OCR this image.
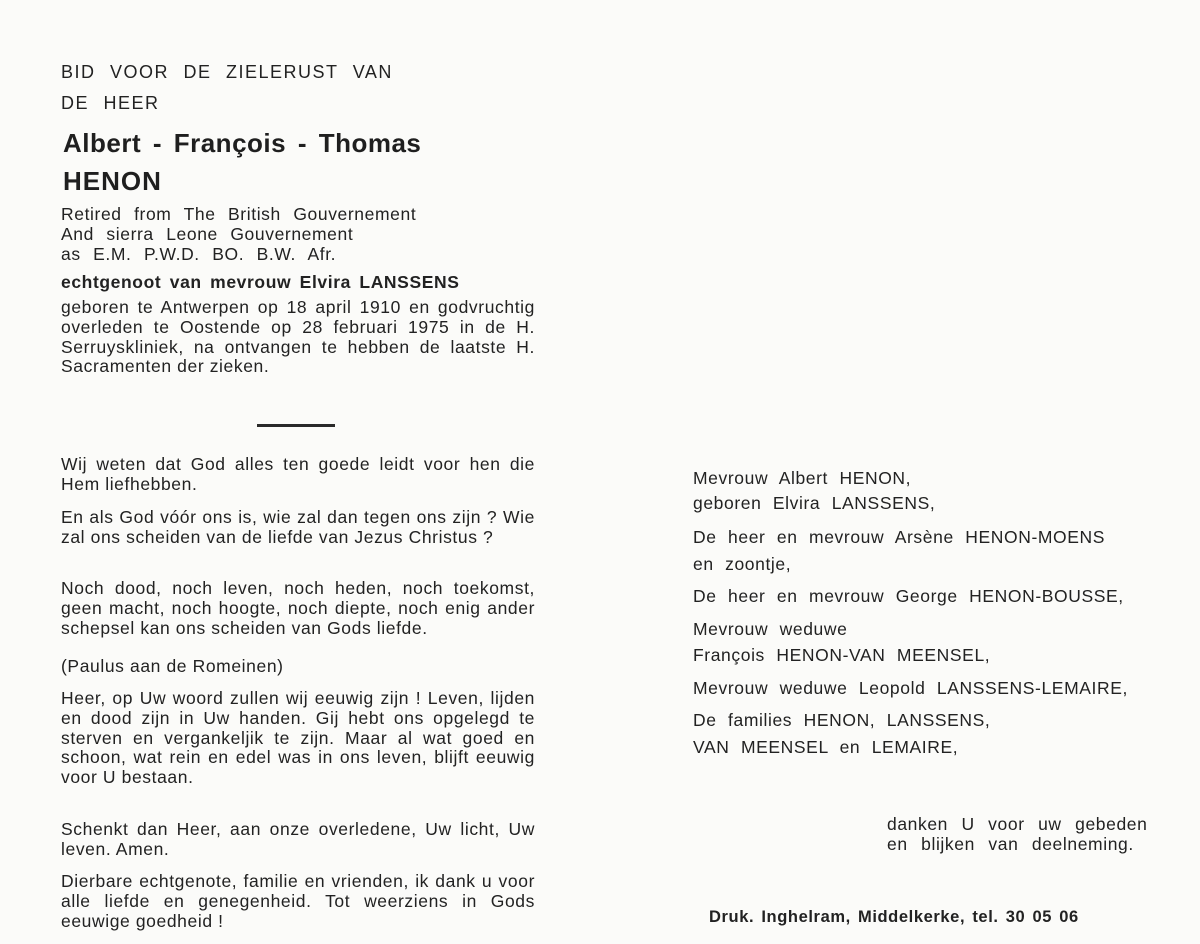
BID VOOR DE ZIELERUST VAN
DE HEER
Albert - François - Thomas
HENON
Retired from The British Gouvernement
And sierra Leone Gouvernement
as E.M. P.W.D. BO. B.W. Afr.
echtgenoot van mevrouw Elvira LANSSENS

geboren te Antwerpen op 18 april 1910 en godvruchtig overleden te Oostende op 28 februari 1975 in de H. Serruyskliniek, na ontvangen te hebben de laatste H. Sacramenten der zieken.

Wij weten dat God alles ten goede leidt voor hen die Hem liefhebben.

En als God vóór ons is, wie zal dan tegen ons zijn ? Wie zal ons scheiden van de liefde van Jezus Christus ?

Noch dood, noch leven, noch heden, noch toekomst, geen macht, noch hoogte, noch diepte, noch enig ander schepsel kan ons scheiden van Gods liefde.

(Paulus aan de Romeinen)

Heer, op Uw woord zullen wij eeuwig zijn ! Leven, lijden en dood zijn in Uw handen. Gij hebt ons opgelegd te sterven en vergankeljik te zijn. Maar al wat goed en schoon, wat rein en edel was in ons leven, blijft eeuwig voor U bestaan.

Schenkt dan Heer, aan onze overledene, Uw licht, Uw leven. Amen.

Dierbare echtgenote, familie en vrienden, ik dank u voor alle liefde en genegenheid. Tot weerziens in Gods eeuwige goedheid !

Mevrouw Albert HENON,
geboren Elvira LANSSENS,
De heer en mevrouw Arsène HENON-MOENS
en zoontje,
De heer en mevrouw George HENON-BOUSSE,
Mevrouw weduwe
François HENON-VAN MEENSEL,
Mevrouw weduwe Leopold LANSSENS-LEMAIRE,
De families HENON, LANSSENS,
VAN MEENSEL en LEMAIRE,
danken U voor uw gebeden
en blijken van deelneming.
Druk. Inghelram, Middelkerke, tel. 30 05 06
